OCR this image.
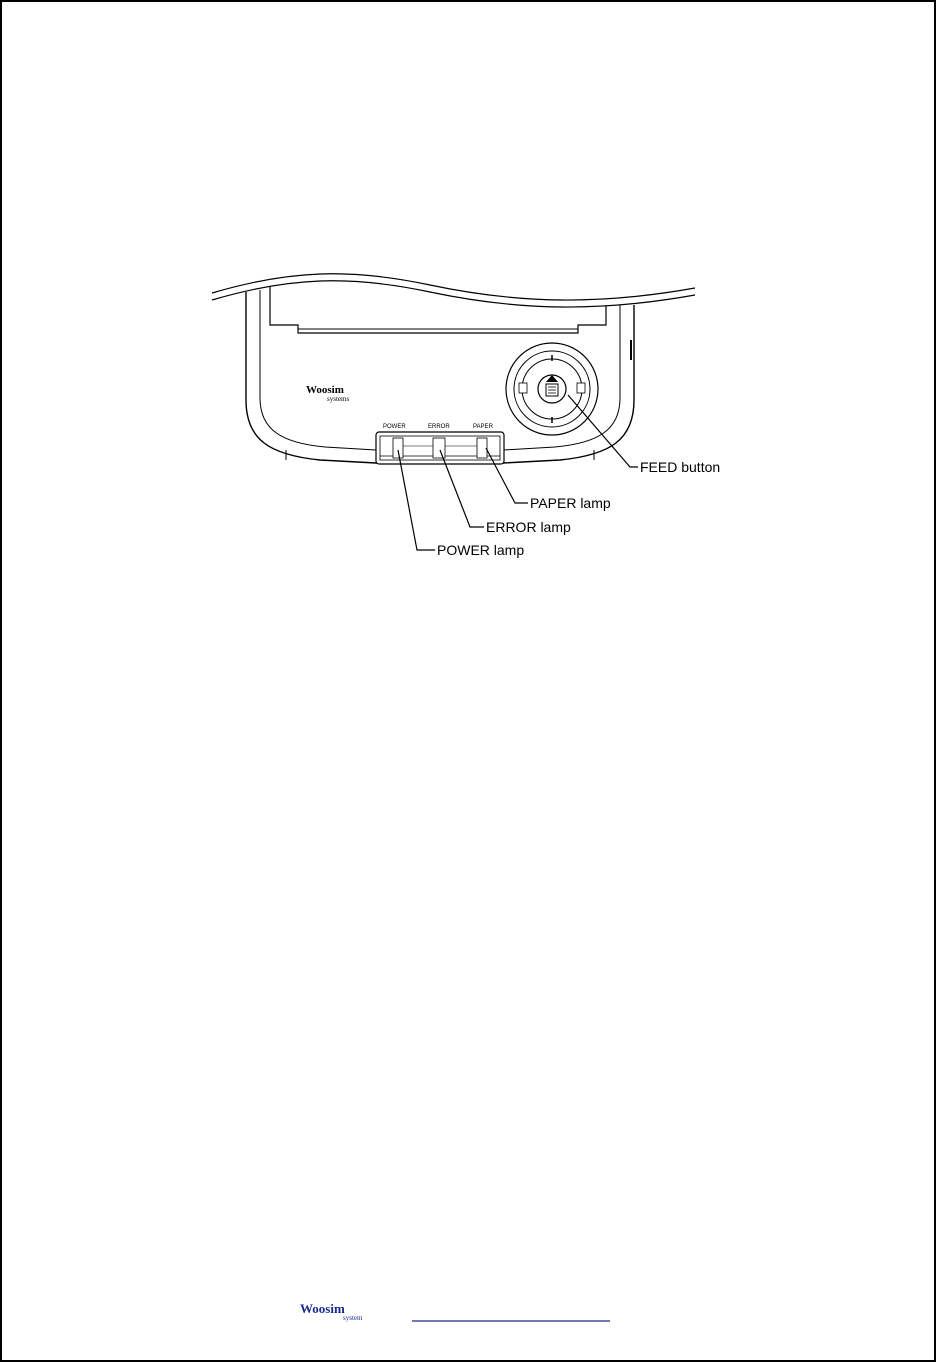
Woosim
systems
POWER	ERROR	PAPER
FEED button
PAPER lamp
ERROR lamp
POWER lamp
Woosim
system
